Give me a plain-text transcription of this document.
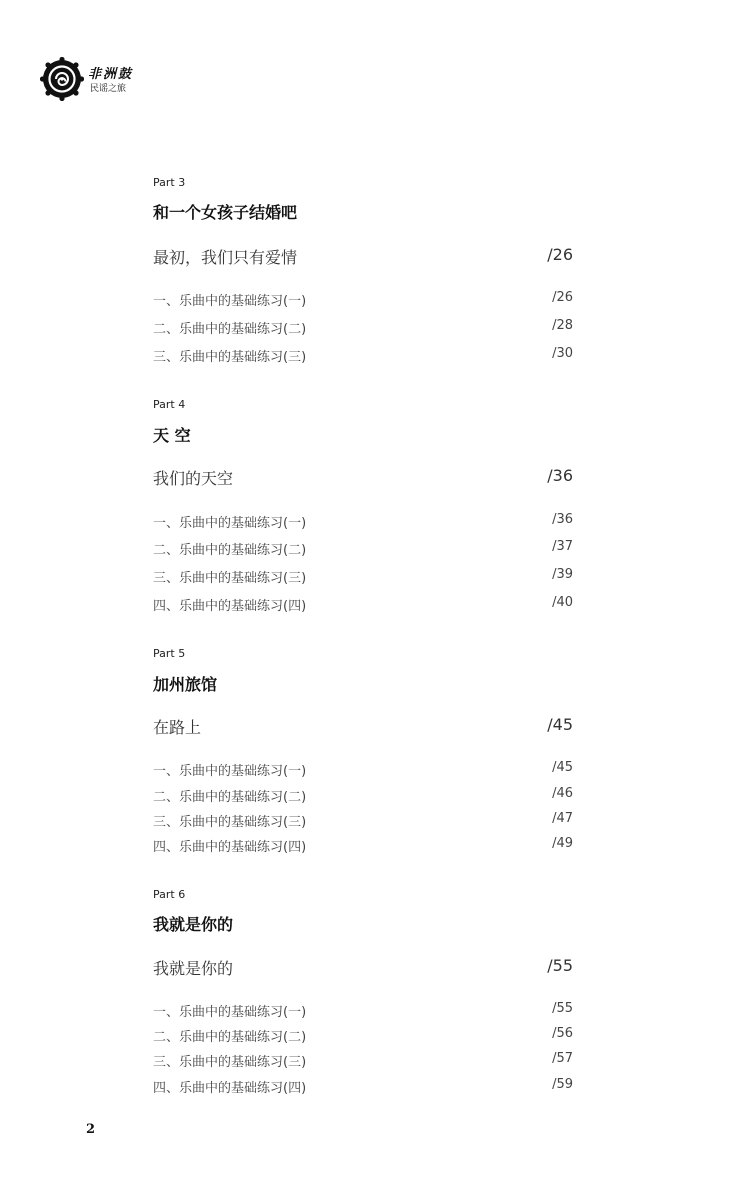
非洲鼓
民谣之旅
Part 3
和一个女孩子结婚吧
最初，我们只有爱情	/26
一、乐曲中的基础练习(一)	/26
二、乐曲中的基础练习(二)	/28
三、乐曲中的基础练习(三)	/30
Part 4
天 空
我们的天空	/36
一、乐曲中的基础练习(一)	/36
二、乐曲中的基础练习(二)	/37
三、乐曲中的基础练习(三)	/39
四、乐曲中的基础练习(四)	/40
Part 5
加州旅馆
在路上	/45
一、乐曲中的基础练习(一)	/45
二、乐曲中的基础练习(二)	/46
三、乐曲中的基础练习(三)	/47
四、乐曲中的基础练习(四)	/49
Part 6
我就是你的
我就是你的	/55
一、乐曲中的基础练习(一)	/55
二、乐曲中的基础练习(二)	/56
三、乐曲中的基础练习(三)	/57
四、乐曲中的基础练习(四)	/59
2
